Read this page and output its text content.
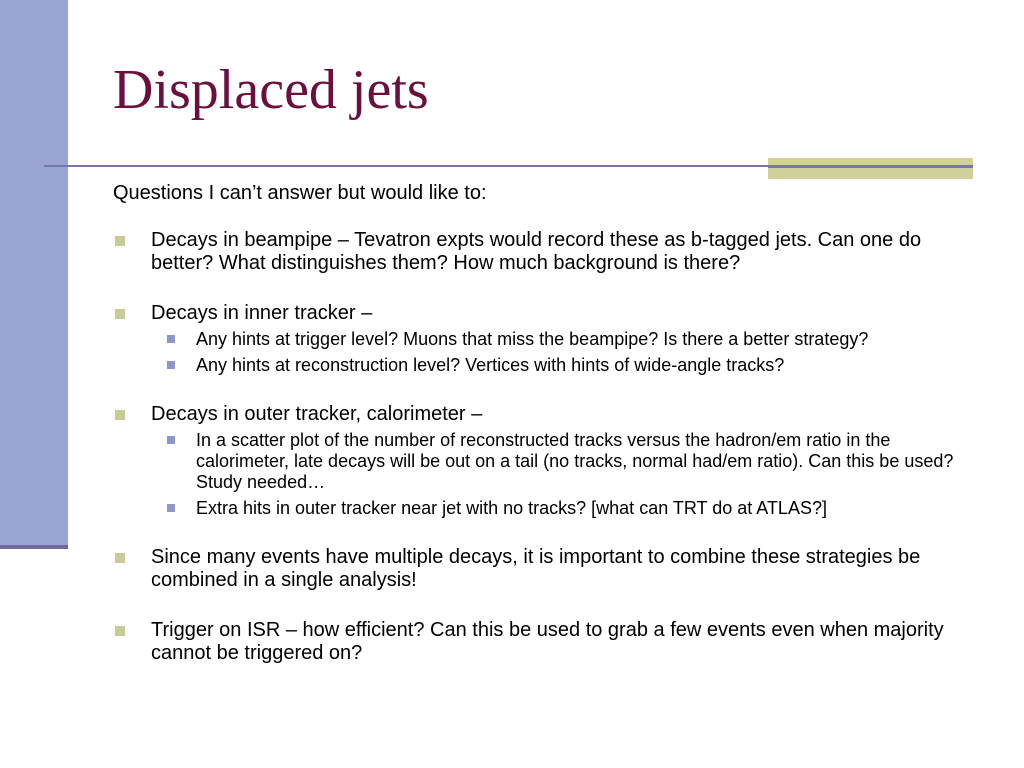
Displaced jets

Questions I can’t answer but would like to:

Decays in beampipe – Tevatron expts would record these as b-tagged jets. Can one do better? What distinguishes them? How much background is there?
Decays in inner tracker –
Any hints at trigger level? Muons that miss the beampipe? Is there a better strategy?
Any hints at reconstruction level? Vertices with hints of wide-angle tracks?
Decays in outer tracker, calorimeter –
In a scatter plot of the number of reconstructed tracks versus the hadron/em ratio in the calorimeter, late decays will be out on a tail (no tracks, normal had/em ratio). Can this be used? Study needed…
Extra hits in outer tracker near jet with no tracks? [what can TRT do at ATLAS?]
Since many events have multiple decays, it is important to combine these strategies be combined in a single analysis!
Trigger on ISR – how efficient? Can this be used to grab a few events even when majority cannot be triggered on?
